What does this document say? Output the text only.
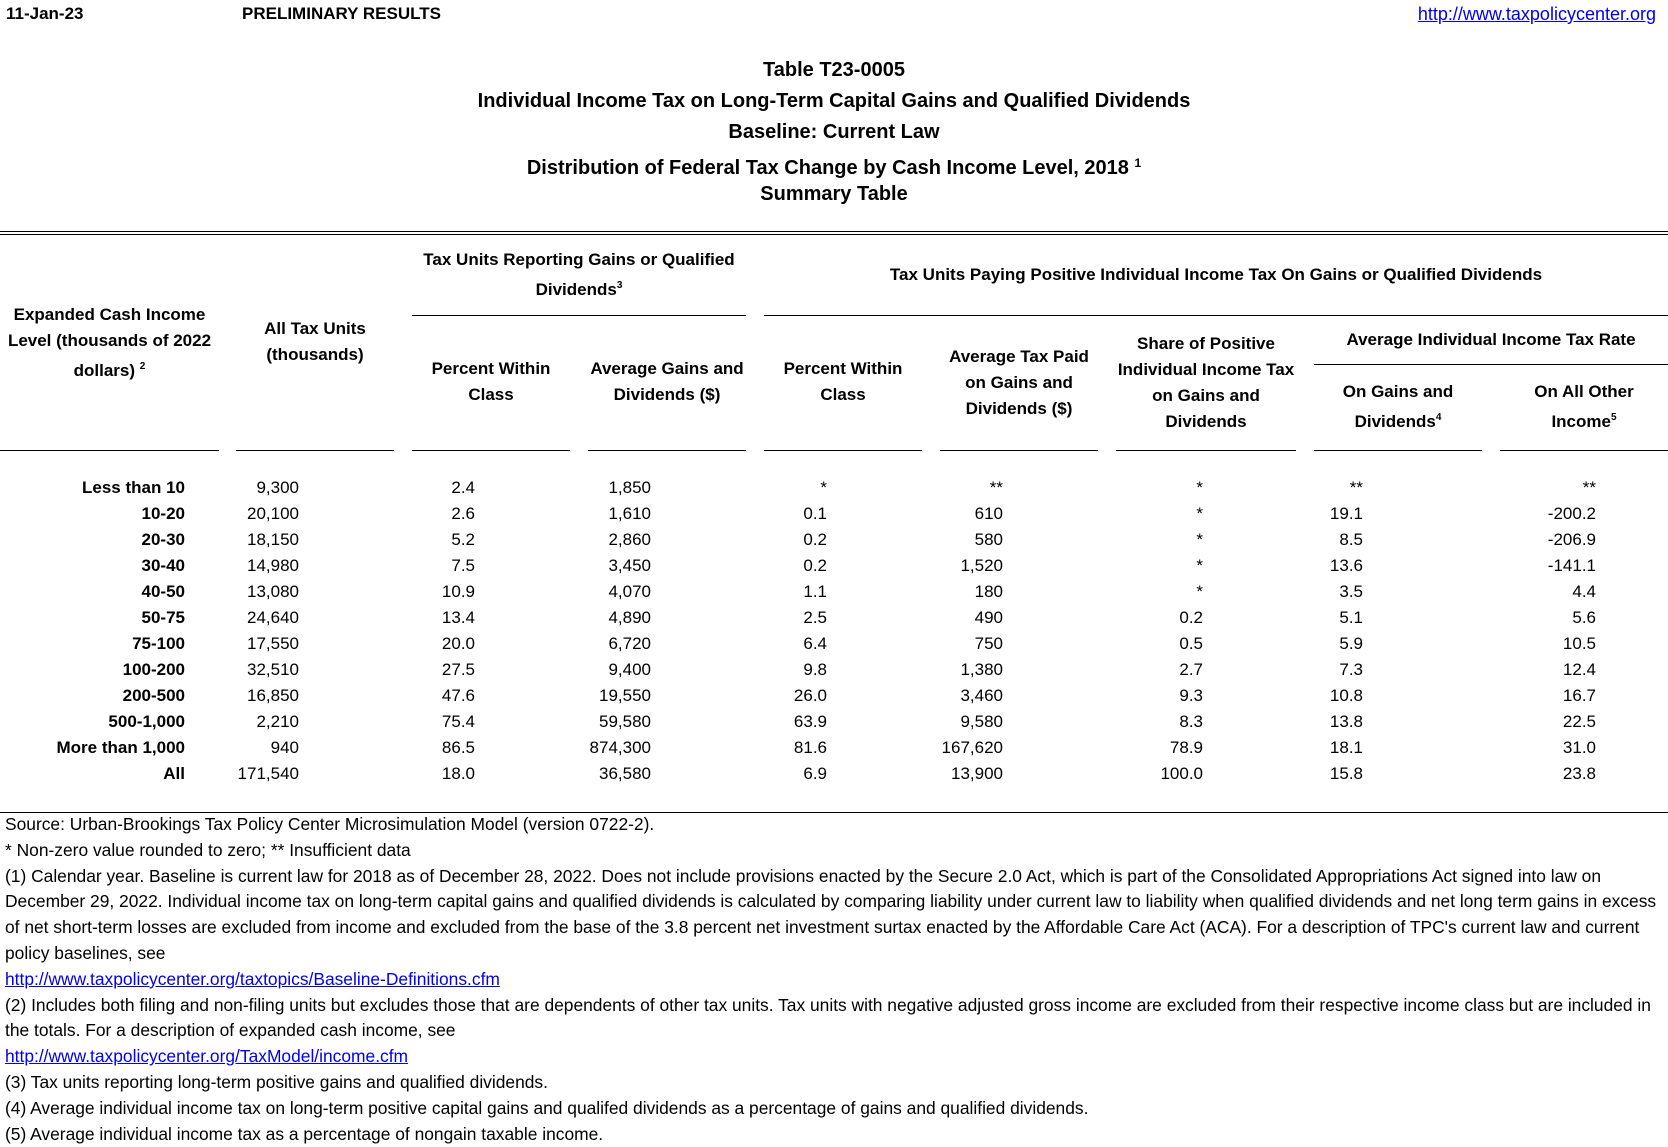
11-Jan-23	PRELIMINARY RESULTS	http://www.taxpolicycenter.org
Table T23-0005
Individual Income Tax on Long-Term Capital Gains and Qualified Dividends
Baseline: Current Law
Distribution of Federal Tax Change by Cash Income Level, 2018 $^1$
Summary Table
Expanded Cash Income Level (thousands of 2022 dollars) $^2$
All Tax Units (thousands)
Tax Units Reporting Gains or Qualified Dividends$^3$
Tax Units Paying Positive Individual Income Tax On Gains or Qualified Dividends
Average Individual Income Tax Rate
Percent Within Class
Average Gains and Dividends ($)
Percent Within Class
Average Tax Paid on Gains and Dividends ($)
Share of Positive Individual Income Tax on Gains and Dividends
On Gains and Dividends$^4$
On All Other Income$^5$
Less than 10	9,300	2.4	1,850	*	**	*	**	**
10-20	20,100	2.6	1,610	0.1	610	*	19.1	-200.2
20-30	18,150	5.2	2,860	0.2	580	*	8.5	-206.9
30-40	14,980	7.5	3,450	0.2	1,520	*	13.6	-141.1
40-50	13,080	10.9	4,070	1.1	180	*	3.5	4.4
50-75	24,640	13.4	4,890	2.5	490	0.2	5.1	5.6
75-100	17,550	20.0	6,720	6.4	750	0.5	5.9	10.5
100-200	32,510	27.5	9,400	9.8	1,380	2.7	7.3	12.4
200-500	16,850	47.6	19,550	26.0	3,460	9.3	10.8	16.7
500-1,000	2,210	75.4	59,580	63.9	9,580	8.3	13.8	22.5
More than 1,000	940	86.5	874,300	81.6	167,620	78.9	18.1	31.0
All	171,540	18.0	36,580	6.9	13,900	100.0	15.8	23.8
Source: Urban-Brookings Tax Policy Center Microsimulation Model (version 0722-2).
* Non-zero value rounded to zero; ** Insufficient data
(1) Calendar year. Baseline is current law for 2018 as of December 28, 2022. Does not include provisions enacted by the Secure 2.0 Act, which is part of the Consolidated Appropriations Act signed into law on December 29, 2022. Individual income tax on long-term capital gains and qualified dividends is calculated by comparing liability under current law to liability when qualified dividends and net long term gains in excess of net short-term losses are excluded from income and excluded from the base of the 3.8 percent net investment surtax enacted by the Affordable Care Act (ACA). For a description of TPC's current law and current policy baselines, see
http://www.taxpolicycenter.org/taxtopics/Baseline-Definitions.cfm
(2) Includes both filing and non-filing units but excludes those that are dependents of other tax units. Tax units with negative adjusted gross income are excluded from their respective income class but are included in the totals. For a description of expanded cash income, see
http://www.taxpolicycenter.org/TaxModel/income.cfm
(3) Tax units reporting long-term positive gains and qualified dividends.
(4) Average individual income tax on long-term positive capital gains and qualifed dividends as a percentage of gains and qualified dividends.
(5) Average individual income tax as a percentage of nongain taxable income.
